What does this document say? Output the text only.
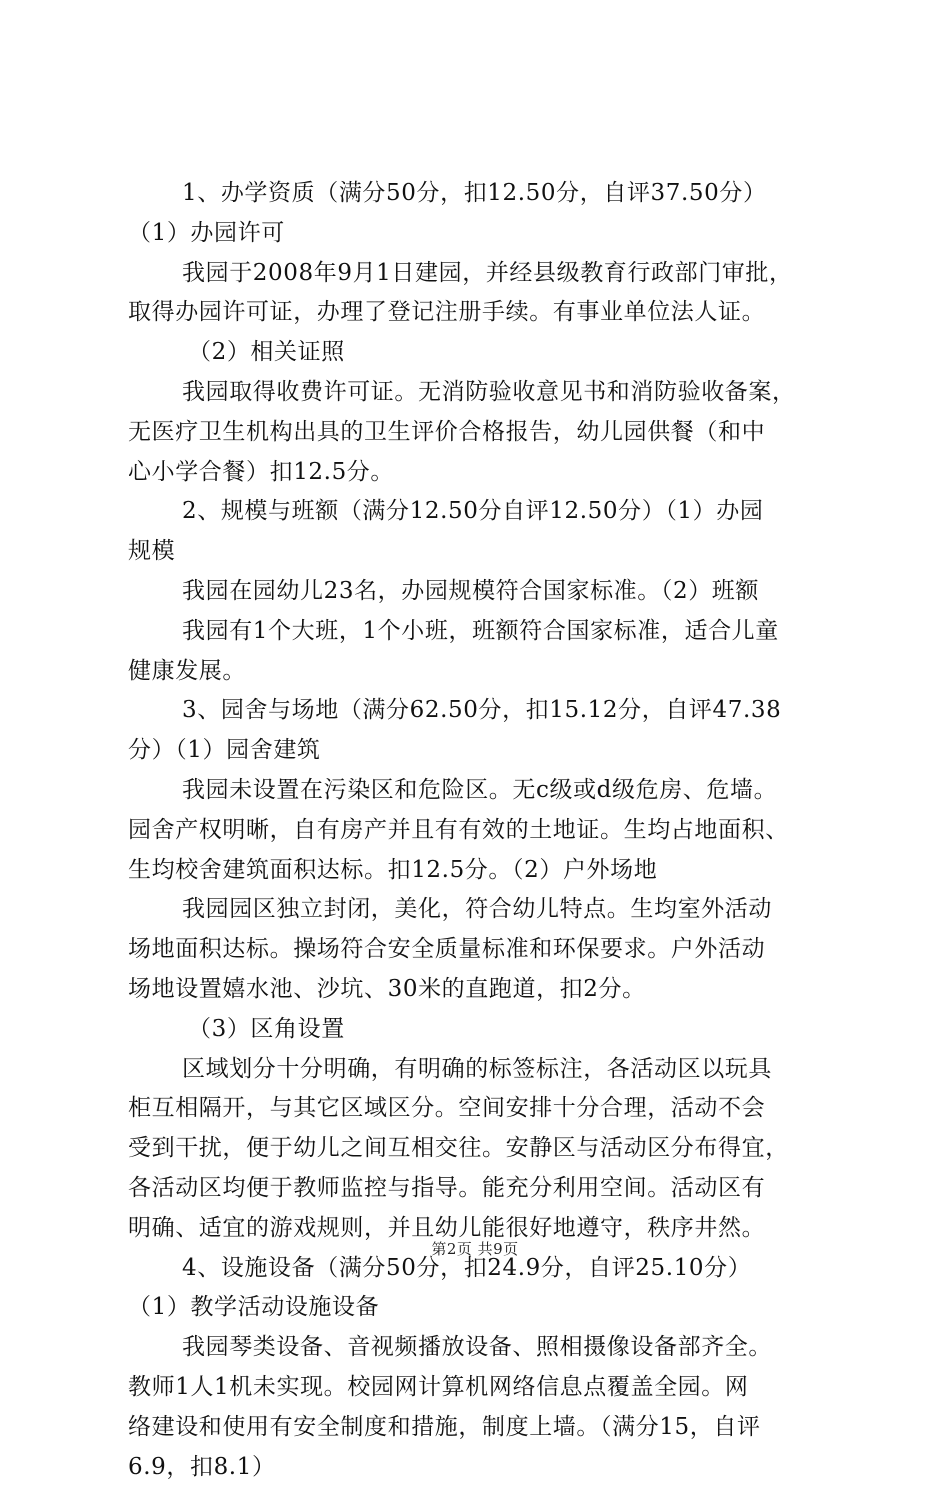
1、办学资质（满分50分，扣12.50分，自评37.50分）
（1）办园许可
我园于2008年9月1日建园，并经县级教育行政部门审批，
取得办园许可证，办理了登记注册手续。有事业单位法人证。
（2）相关证照
我园取得收费许可证。无消防验收意见书和消防验收备案，
无医疗卫生机构出具的卫生评价合格报告，幼儿园供餐（和中
心小学合餐）扣12.5分。
2、规模与班额（满分12.50分自评12.50分）（1）办园
规模
我园在园幼儿23名，办园规模符合国家标准。（2）班额
我园有1个大班，1个小班，班额符合国家标准，适合儿童
健康发展。
3、园舍与场地（满分62.50分，扣15.12分，自评47.38
分）（1）园舍建筑
我园未设置在污染区和危险区。无c级或d级危房、危墙。
园舍产权明晰，自有房产并且有有效的土地证。生均占地面积、
生均校舍建筑面积达标。扣12.5分。（2）户外场地
我园园区独立封闭，美化，符合幼儿特点。生均室外活动
场地面积达标。操场符合安全质量标准和环保要求。户外活动
场地设置嬉水池、沙坑、30米的直跑道，扣2分。
（3）区角设置
区域划分十分明确，有明确的标签标注，各活动区以玩具
柜互相隔开，与其它区域区分。空间安排十分合理，活动不会
受到干扰，便于幼儿之间互相交往。安静区与活动区分布得宜，
各活动区均便于教师监控与指导。能充分利用空间。活动区有
明确、适宜的游戏规则，并且幼儿能很好地遵守，秩序井然。
4、设施设备（满分50分，扣24.9分，自评25.10分）
（1）教学活动设施设备
我园琴类设备、音视频播放设备、照相摄像设备部齐全。
教师1人1机未实现。校园网计算机网络信息点覆盖全园。网
络建设和使用有安全制度和措施，制度上墙。（满分15，自评
6.9，扣8.1）
第2页 共9页
